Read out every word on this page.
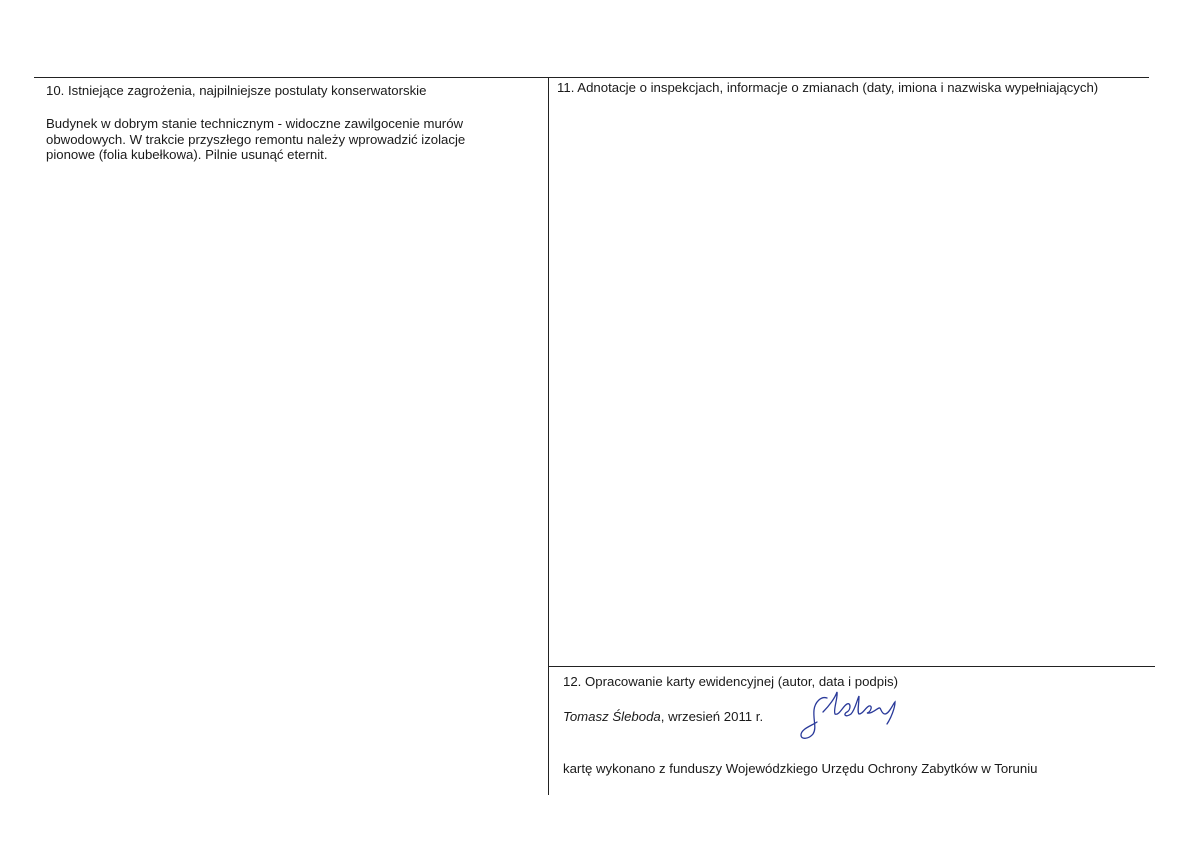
10. Istniejące zagrożenia, najpilniejsze postulaty konserwatorskie
Budynek w dobrym stanie technicznym - widoczne zawilgocenie murów
obwodowych. W trakcie przyszłego remontu należy wprowadzić izolacje
pionowe (folia kubełkowa). Pilnie usunąć eternit.
11. Adnotacje o inspekcjach, informacje o zmianach (daty, imiona i nazwiska wypełniających)
12. Opracowanie karty ewidencyjnej (autor, data i podpis)
Tomasz Śleboda, wrzesień 2011 r.
kartę wykonano z funduszy Wojewódzkiego Urzędu Ochrony Zabytków w Toruniu
